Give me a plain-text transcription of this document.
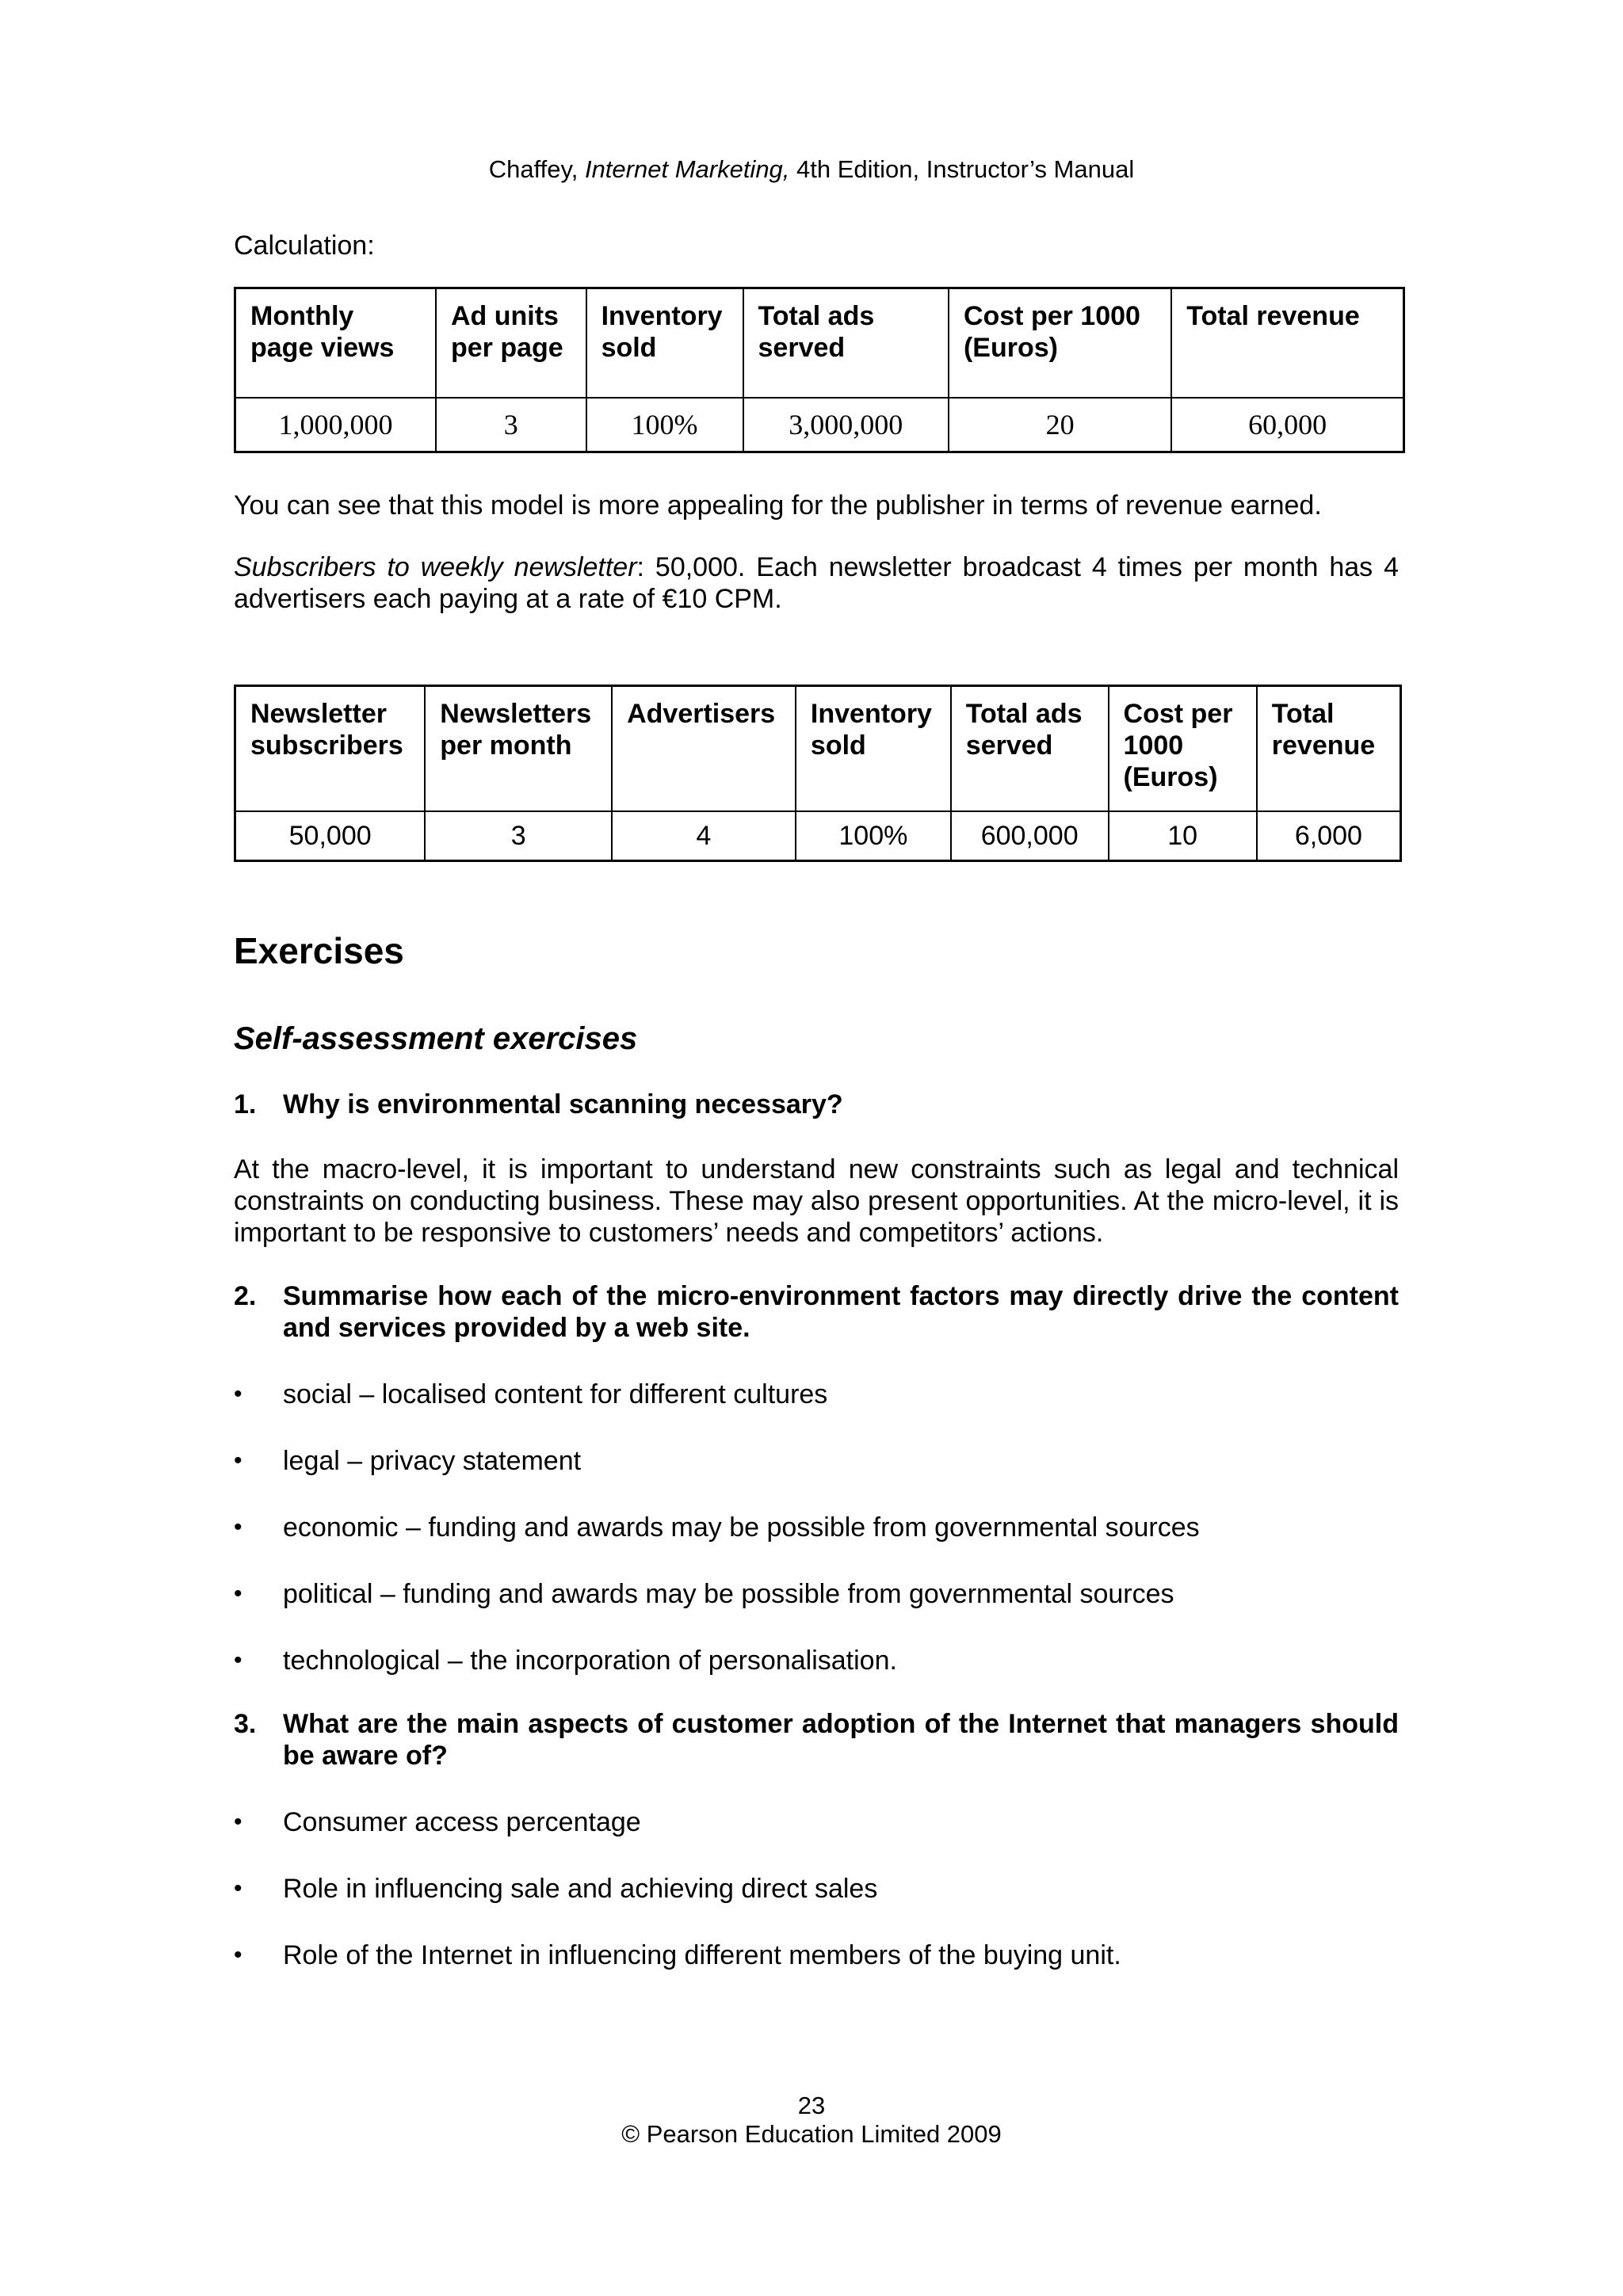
Chaffey, Internet Marketing, 4th Edition, Instructor’s Manual

Calculation:

Monthly page views	Ad units per page	Inventory sold	Total ads served	Cost per 1000 (Euros)	Total revenue
1,000,000	3	100%	3,000,000	20	60,000

You can see that this model is more appealing for the publisher in terms of revenue earned.

Subscribers to weekly newsletter: 50,000. Each newsletter broadcast 4 times per month has 4 advertisers each paying at a rate of €10 CPM.

Newsletter subscribers	Newsletters per month	Advertisers	Inventory sold	Total ads served	Cost per 1000 (Euros)	Total revenue
50,000	3	4	100%	600,000	10	6,000
Exercises
Self-assessment exercises
1. Why is environmental scanning necessary?

At the macro-level, it is important to understand new constraints such as legal and technical constraints on conducting business. These may also present opportunities. At the micro-level, it is important to be responsive to customers’ needs and competitors’ actions.

2. Summarise how each of the micro-environment factors may directly drive the content and services provided by a web site.
•	social – localised content for different cultures
•	legal – privacy statement
•	economic – funding and awards may be possible from governmental sources
•	political – funding and awards may be possible from governmental sources
•	technological – the incorporation of personalisation.
3. What are the main aspects of customer adoption of the Internet that managers should be aware of?
•	Consumer access percentage
•	Role in influencing sale and achieving direct sales
•	Role of the Internet in influencing different members of the buying unit.
23
© Pearson Education Limited 2009
